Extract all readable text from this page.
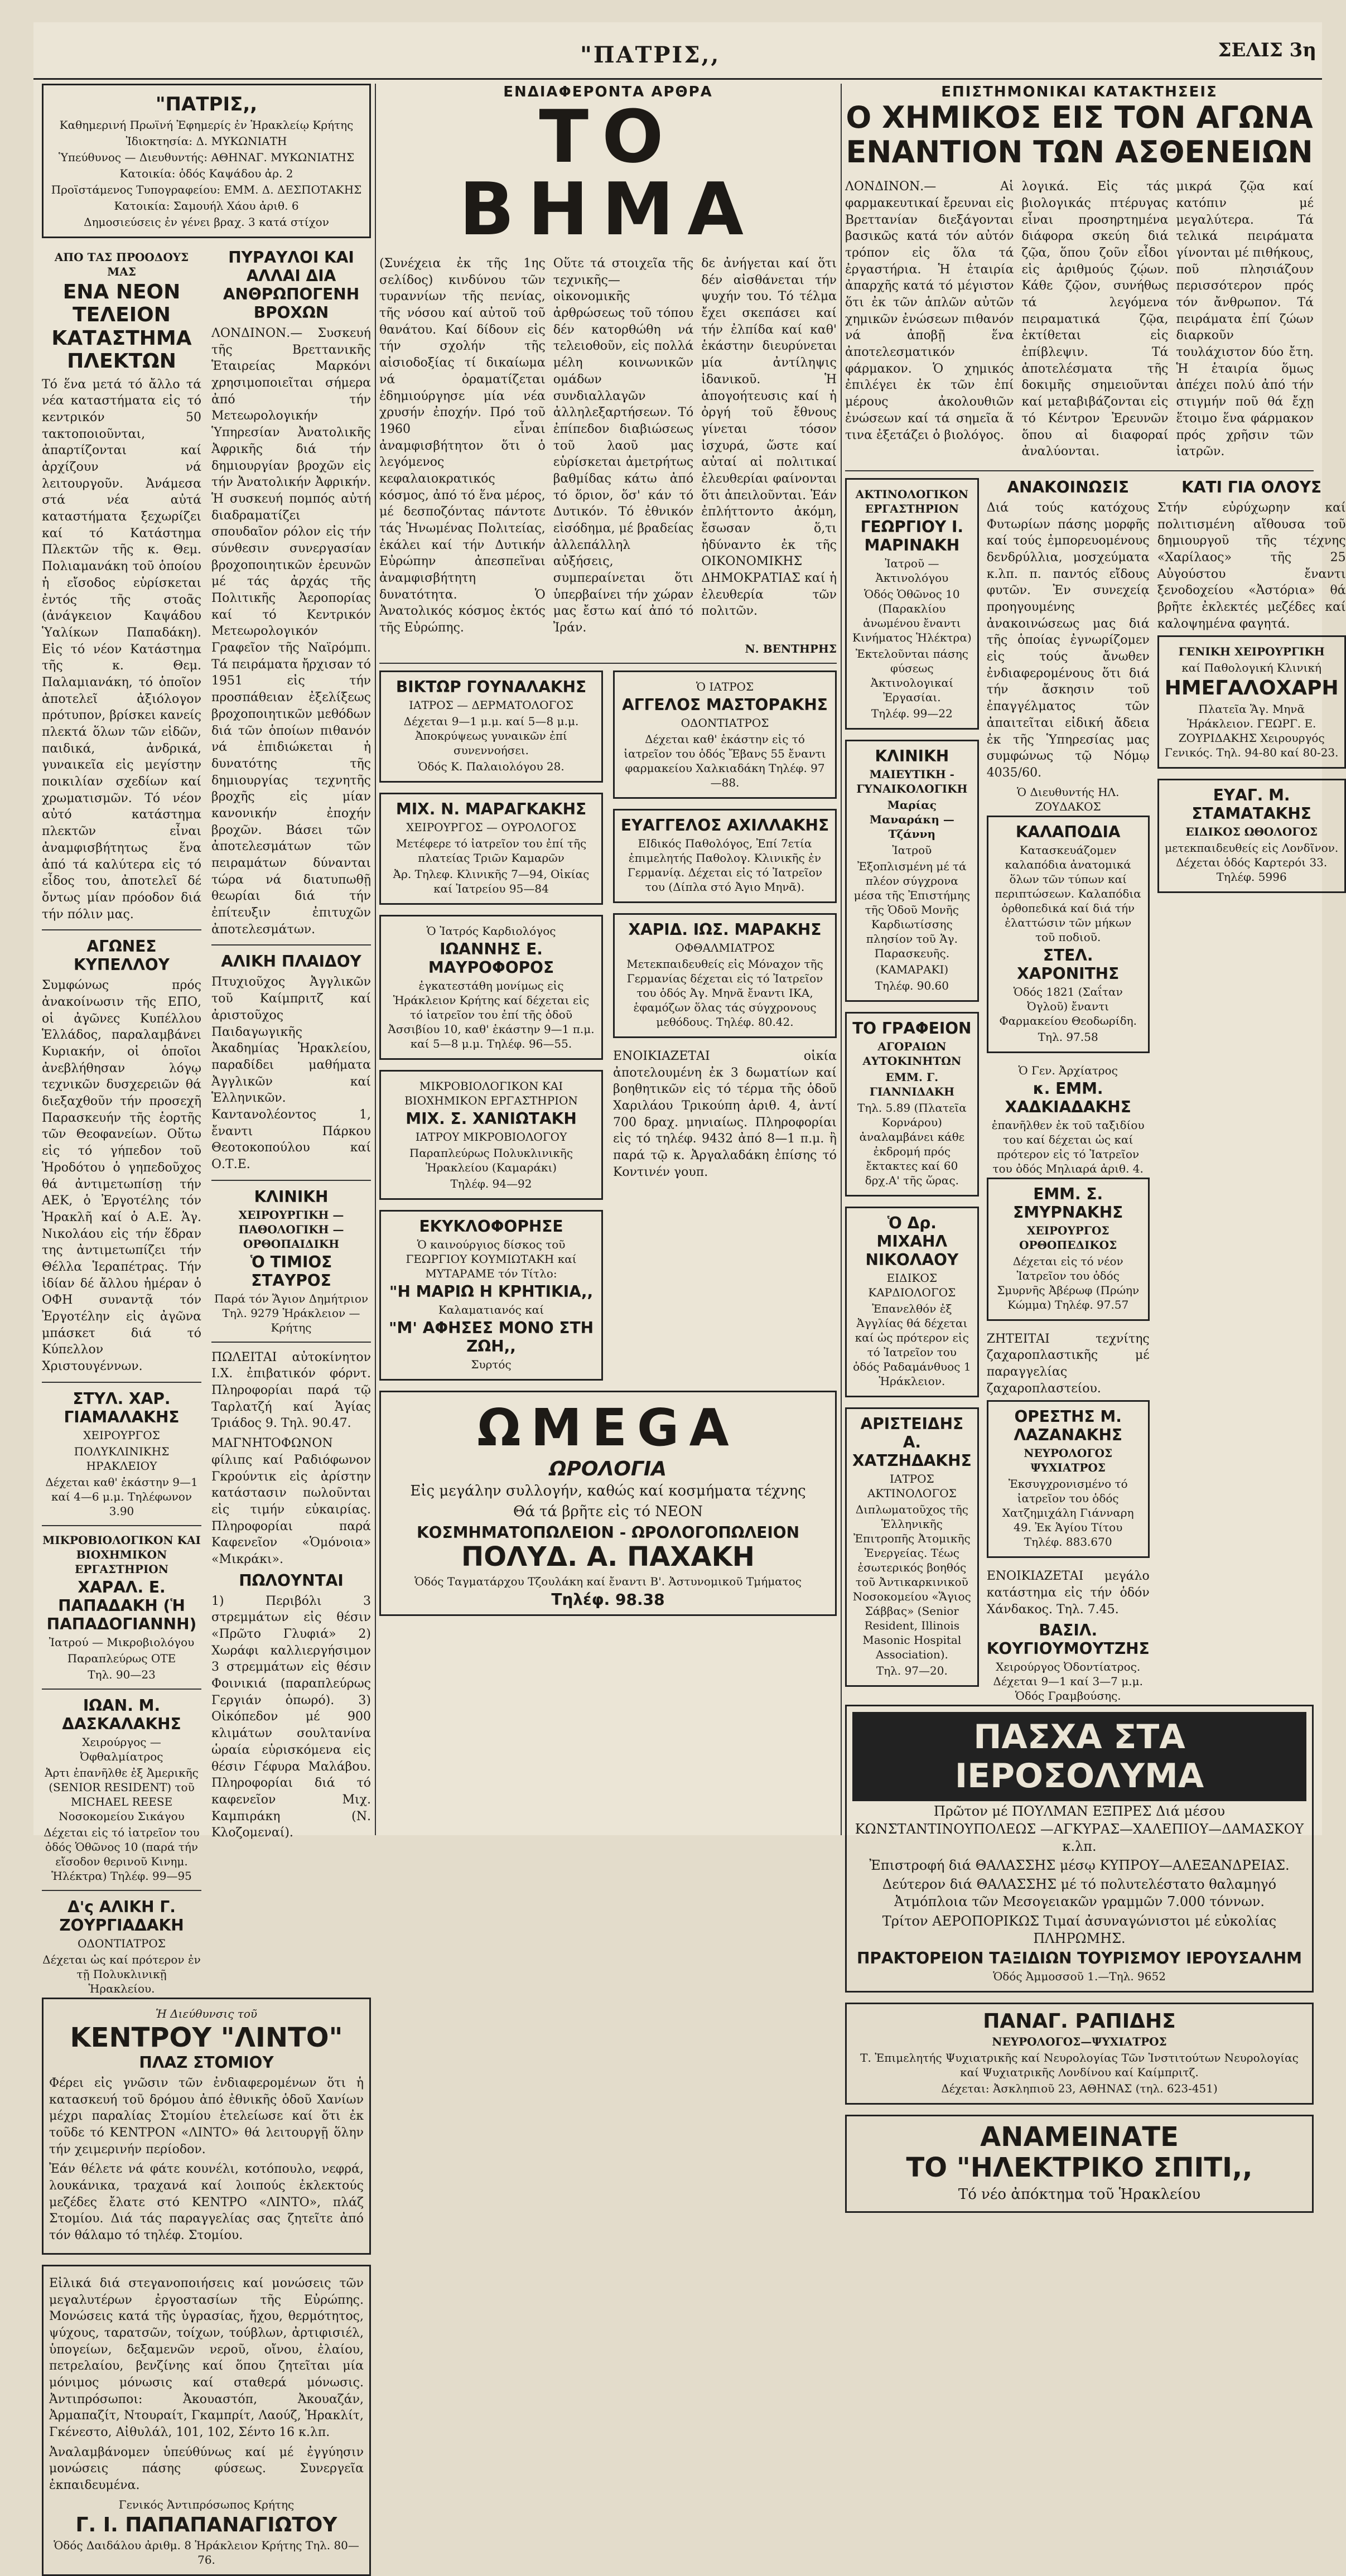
"ΠΑΤΡΙΣ,,	ΣΕΛΙΣ 3η
"ΠΑΤΡΙΣ,,
Καθημερινή Πρωϊνή Ἐφημερίς ἐν Ἡρακλείῳ Κρήτης
Ἰδιοκτησία: Δ. ΜΥΚΩΝΙΑΤΗ
Ὑπεύθυνος — Διευθυντής: ΑΘΗΝΑΓ. ΜΥΚΩΝΙΑΤΗΣ
Κατοικία: ὁδός Καψάδου ἀρ. 2
Προϊστάμενος Τυπογραφείου: ΕΜΜ. Δ. ΔΕΣΠΟΤΑΚΗΣ
Κατοικία: Σαμουήλ Χάου ἀριθ. 6
Δημοσιεύσεις ἐν γένει βραχ. 3 κατά στίχον
ΑΠΟ ΤΑΣ ΠΡΟΟΔΟΥΣ ΜΑΣ
ΕΝΑ ΝΕΟΝ ΤΕΛΕΙΟΝ ΚΑΤΑΣΤΗΜΑ ΠΛΕΚΤΩΝ

Τό ἕνα μετά τό ἄλλο τά νέα καταστήματα εἰς τό κεντρικόν 50 τακτοποιοῦνται, ἀπαρτίζονται καί ἀρχίζουν νά λειτουργοῦν. Ἀνάμεσα στά νέα αὐτά καταστήματα ξεχωρίζει καί τό Κατάστημα Πλεκτῶν τῆς κ. Θεμ. Πολιαμανάκη τοῦ ὁποίου ἡ εἴσοδος εὑρίσκεται ἐντός τῆς στοᾶς (ἀνάγκειον Καψάδου Ὑαλίκων Παπαδάκη). Εἰς τό νέον Κατάστημα τῆς κ. Θεμ. Παλαμιανάκη, τό ὁποῖον ἀποτελεῖ ἀξιόλογον πρότυπον, βρίσκει κανείς πλεκτά ὅλων τῶν εἰδῶν, παιδικά, ἀνδρικά, γυναικεῖα εἰς μεγίστην ποικιλίαν σχεδίων καί χρωματισμῶν. Τό νέον αὐτό κατάστημα πλεκτῶν εἶναι ἀναμφισβήτητως ἕνα ἀπό τά καλύτερα εἰς τό εἶδος του, ἀποτελεῖ δέ ὄντως μίαν πρόοδον διά τήν πόλιν μας.

ΑΓΩΝΕΣ ΚΥΠΕΛΛΟΥ

Συμφώνως πρός ἀνακοίνωσιν τῆς ΕΠΟ, οἱ ἀγῶνες Κυπέλλου Ἑλλάδος, παραλαμβάνει Κυριακήν, οἱ ὁποῖοι ἀνεβλήθησαν λόγῳ τεχνικῶν δυσχερειῶν θά διεξαχθοῦν τήν προσεχῆ Παρασκευήν τῆς ἑορτῆς τῶν Θεοφανείων. Οὕτω εἰς τό γήπεδον τοῦ Ἡροδότου ὁ γηπεδοῦχος θά ἀντιμετωπίσῃ τήν ΑΕΚ, ὁ Ἐργοτέλης τόν Ἡρακλῆ καί ὁ Α.Ε. Ἁγ. Νικολάου εἰς τήν ἕδραν της ἀντιμετωπίζει τήν Θέλλα Ἱεραπέτρας. Τήν ἰδίαν δέ ἄλλου ἡμέραν ὁ ΟΦΗ συναντᾷ τόν Ἐργοτέλην εἰς ἀγῶνα μπάσκετ διά τό Κύπελλον Χριστουγέννων.

ΣΤΥΛ. ΧΑΡ. ΓΙΑΜΑΛΑΚΗΣ
ΧΕΙΡΟΥΡΓΟΣ
ΠΟΛΥΚΛΙΝΙΚΗΣ ΗΡΑΚΛΕΙΟΥ
Δέχεται καθ' ἑκάστην 9—1 καί 4—6 μ.μ. Τηλέφωνον 3.90
ΜΙΚΡΟΒΙΟΛΟΓΙΚΟΝ ΚΑΙ ΒΙΟΧΗΜΙΚΟΝ ΕΡΓΑΣΤΗΡΙΟΝ
ΧΑΡΑΛ. Ε. ΠΑΠΑΔΑΚΗ (Ἡ ΠΑΠΑΔΟΓΙΑΝΝΗ)
Ἰατρού — Μικροβιολόγου
Παραπλεύρως ΟΤΕ
Τηλ. 90—23
ΙΩΑΝ. Μ. ΔΑΣΚΑΛΑΚΗΣ
Χειρούργος — Ὀφθαλμίατρος
Ἀρτι ἐπανῆλθε ἐξ Ἀμερικῆς (SENIOR RESIDENT) τοῦ MICHAEL REESE Νοσοκομείου Σικάγου
Δέχεται εἰς τό ἰατρεῖον του ὁδός Ὁθῶνος 10 (παρά τήν εἴσοδον θερινοῦ Κινημ. Ἡλέκτρα) Τηλέφ. 99—95
Δ'ς ΑΛΙΚΗ Γ. ΖΟΥΡΓΙΑΔΑΚΗ
ΟΔΟΝΤΙΑΤΡΟΣ
Δέχεται ὡς καί πρότερον ἐν τῇ Πολυκλινικῇ Ἡρακλείου.
ΠΥΡΑΥΛΟΙ ΚΑΙ ΑΛΛΑΙ ΔΙΑ ΑΝΘΡΩΠΟΓΕΝΗ ΒΡΟΧΩΝ

ΛΟΝΔΙΝΟΝ.— Συσκευή τῆς Βρεττανικῆς Ἑταιρείας Μαρκόνι χρησιμοποιεῖται σήμερα ἀπό τήν Μετεωρολογικήν Ὑπηρεσίαν Ἀνατολικῆς Ἀφρικῆς διά τήν δημιουργίαν βροχῶν εἰς τήν Ἀνατολικήν Ἀφρικήν. Ἡ συσκευή πομπός αὐτή διαδραματίζει σπουδαῖον ρόλον εἰς τήν σύνθεσιν συνεργασίαν βροχοποιητικῶν ἐρευνῶν μέ τάς ἀρχάς τῆς Πολιτικῆς Ἀεροπορίας καί τό Κεντρικόν Μετεωρολογικόν Γραφεῖον τῆς Ναϊρόμπι. Τά πειράματα ἤρχισαν τό 1951 εἰς τήν προσπάθειαν ἐξελίξεως βροχοποιητικῶν μεθόδων διά τῶν ὁποίων πιθανόν νά ἐπιδιώκεται ἡ δυνατότης τῆς δημιουργίας τεχνητῆς βροχῆς εἰς μίαν κανονικήν ἐποχήν βροχῶν. Βάσει τῶν ἀποτελεσμάτων τῶν πειραμάτων δύνανται τώρα νά διατυπωθῇ θεωρίαι διά τήν ἐπίτευξιν ἐπιτυχῶν ἀποτελεσμάτων.

ΑΛΙΚΗ ΠΛΑΙΔΟΥ

Πτυχιοῦχος Ἀγγλικῶν τοῦ Καίμπριτζ καί ἀριστοῦχος Παιδαγωγικῆς Ἀκαδημίας Ἡρακλείου, παραδίδει μαθήματα Ἀγγλικῶν καί Ἑλληνικῶν. Καντανολέοντος 1, ἔναντι Πάρκου Θεοτοκοπούλου καί Ο.Τ.Ε.

ΚΛΙΝΙΚΗ
ΧΕΙΡΟΥΡΓΙΚΗ — ΠΑΘΟΛΟΓΙΚΗ — ΟΡΘΟΠΑΙΔΙΚΗ
Ὁ ΤΙΜΙΟΣ ΣΤΑΥΡΟΣ
Παρά τόν Ἅγιον Δημήτριον Τηλ. 9279 Ἡράκλειον — Κρήτης

ΠΩΛΕΙΤΑΙ αὐτοκίνητον Ι.Χ. ἐπιβατικόν φόρντ. Πληροφορίαι παρά τῷ Ταρλατζή καί Ἁγίας Τριάδος 9. Τηλ. 90.47.

ΜΑΓΝΗΤΟΦΩΝΟΝ φίλιπς καί Ραδιόφωνον Γκρούντικ εἰς ἀρίστην κατάστασιν πωλοῦνται εἰς τιμήν εὐκαιρίας. Πληροφορίαι παρά Καφενεῖον «Ὁμόνοια» «Μικράκι».

ΠΩΛΟΥΝΤΑΙ

1) Περιβόλι 3 στρεμμάτων εἰς θέσιν «Πρῶτο Γλυφιά» 2) Χωράφι καλλιεργήσιμον 3 στρεμμάτων εἰς θέσιν Φοινικιά (παραπλεύρως Γεργιάν ὁπωρό). 3) Οἰκόπεδον μέ 900 κλιμάτων σουλτανίνα ὡραία εὑρισκόμενα εἰς θέσιν Γέφυρα Μαλάβου. Πληροφορίαι διά τό καφενεῖον Μιχ. Καμπιράκη (Ν. Κλοζομεναί).

Ἡ Διεύθυνσις τοῦ
ΚΕΝΤΡΟΥ "ΛΙΝΤΟ"
ΠΛΑΖ ΣΤΟΜΙΟΥ

Φέρει εἰς γνῶσιν τῶν ἐνδιαφερομένων ὅτι ἡ κατασκευή τοῦ δρόμου ἀπό ἐθνικῆς ὁδοῦ Χανίων μέχρι παραλίας Στομίου ἐτελείωσε καί ὅτι ἐκ τοῦδε τό ΚΕΝΤΡΟΝ «ΛΙΝΤΟ» θά λειτουργῇ ὅλην τήν χειμερινήν περίοδον.

Ἐάν θέλετε νά φάτε κουνέλι, κοτόπουλο, νεφρά, λουκάνικα, τραχανά καί λοιπούς ἐκλεκτούς μεζέδες ἔλατε στό ΚΕΝΤΡΟ «ΛΙΝΤΟ», πλάζ Στομίου. Διά τάς παραγγελίας σας ζητεῖτε ἀπό τόν θάλαμο τό τηλέφ. Στομίου.

Εἰλικά διά στεγανοποιήσεις καί μονώσεις τῶν μεγαλυτέρων ἐργοστασίων τῆς Εὐρώπης. Μονώσεις κατά τῆς ὑγρασίας, ἤχου, θερμότητος, ψύχους, ταρατσῶν, τοίχων, τούβλων, ἀρτιφισιέλ, ὑπογείων, δεξαμενῶν νεροῦ, οἴνου, ἐλαίου, πετρελαίου, βενζίνης καί ὅπου ζητεῖται μία μόνιμος μόνωσις καί σταθερά μόνωσις. Ἀντιπρόσωποι: Ἀκουαστόπ, Ἀκουαζάν, Ἀρμαπαζίτ, Ντουραίτ, Γκαμπρίτ, Λαούζ, Ἡρακλίτ, Γκένεστο, Αἰθυλάλ, 101, 102, Σέντο 16 κ.λπ.

Ἀναλαμβάνομεν ὑπεύθύνως καί μέ ἐγγύησιν μονώσεις πάσης φύσεως. Συνεργεῖα ἐκπαιδευμένα.

Γενικός Ἀντιπρόσωπος Κρήτης
Γ. Ι. ΠΑΠΑΠΑΝΑΓΙΩΤΟΥ
Ὁδός Δαιδάλου ἀριθμ. 8 Ἡράκλειον Κρήτης Τηλ. 80—76.
ΕΝΔΙΑΦΕΡΟΝΤΑ ΑΡΘΡΑ
ΤΟ ΒΗΜΑ

(Συνέχεια ἐκ τῆς 1ης σελίδος) κινδύνου τῶν τυραννίων τῆς πενίας, τῆς νόσου καί αὐτοῦ τοῦ θανάτου. Καί δίδουν εἰς τήν σχολήν τῆς αἰσιοδοξίας τί δικαίωμα νά ὀραματίζεται ἐδημιούργησε μία νέα χρυσήν ἐποχήν. Πρό τοῦ 1960 εἶναι ἀναμφισβήτητον ὅτι ὁ λεγόμενος κεφαλαιοκρατικός κόσμος, ἀπό τό ἕνα μέρος, μέ δεσποζόντας πάντοτε τάς Ἡνωμένας Πολιτείας, ἐκάλει καί τήν Δυτικήν Εὐρώπην ἀπεσπεῖναι ἀναμφισβήτητη δυνατότητα. Ὁ Ἀνατολικός κόσμος ἐκτός τῆς Εὐρώπης.

Οὕτε τά στοιχεῖα τῆς τεχνικῆς—οἰκονομικῆς ἀρθρώσεως τοῦ τόπου δέν κατορθώθη νά τελειοθοῦν, εἰς πολλά μέλη κοινωνικῶν ομάδων συνδιαλλαγῶν ἀλληλεξαρτήσεων. Τό ἐπίπεδον διαβιώσεως τοῦ λαοῦ μας εὑρίσκεται ἀμετρήτως βαθμίδας κάτω ἀπό τό ὅριον, ὅσ' κάν τό Δυτικόν. Τό ἐθνικόν εἰσόδημα, μέ βραδείας ἀλλεπάλληλ αὐξήσεις, συμπεραίνεται ὅτι ὑπερβαίνει τήν χώραν μας ἔστω καί ἀπό τό Ἰράν.

δε ἀνήγεται καί ὅτι δέν αἰσθάνεται τήν ψυχήν του. Τό τέλμα ἔχει σκεπάσει καί τήν ἐλπίδα καί καθ' ἑκάστην διευρύνεται μία ἀντίληψις ἰδανικοῦ. Ἡ ἀπογοήτευσις καί ἡ ὀργή τοῦ ἔθνους γίνεται τόσον ἰσχυρά, ὥστε καί αὐταί αἱ πολιτικαί ἐλευθερίαι φαίνονται ὅτι ἀπειλοῦνται. Ἐάν ἐπλήττοντο ἀκόμη, ἔσωσαν ὅ,τι ἠδύναντο ἐκ τῆς ΟΙΚΟΝΟΜΙΚΗΣ ΔΗΜΟΚΡΑΤΙΑΣ καί ἡ ἐλευθερία τῶν πολιτῶν.

Ν. ΒΕΝΤΗΡΗΣ
ΒΙΚΤΩΡ ΓΟΥΝΑΛΑΚΗΣ
ΙΑΤΡΟΣ — ΔΕΡΜΑΤΟΛΟΓΟΣ
Δέχεται 9—1 μ.μ. καί 5—8 μ.μ. Ἀποκρύψεως γυναικῶν ἐπί συνεννοήσει.
Ὁδός Κ. Παλαιολόγου 28.
ΜΙΧ. Ν. ΜΑΡΑΓΚΑΚΗΣ
ΧΕΙΡΟΥΡΓΟΣ — ΟΥΡΟΛΟΓΟΣ
Μετέφερε τό ἰατρεῖον του ἐπί τῆς πλατείας Τριῶν Καμαρῶν
Ἀρ. Τηλεφ. Κλινικῆς 7—94, Οἰκίας καί Ἰατρείου 95—84
Ὁ Ἰατρός Καρδιολόγος
ΙΩΑΝΝΗΣ Ε. ΜΑΥΡΟΦΟΡΟΣ
ἐγκατεστάθη μονίμως εἰς Ἡράκλειον Κρήτης καί δέχεται εἰς τό ἰατρεῖον του ἐπί τῆς ὁδοῦ Ἀσσιβίου 10, καθ' ἑκάστην 9—1 π.μ. καί 5—8 μ.μ. Τηλέφ. 96—55.
ΜΙΚΡΟΒΙΟΛΟΓΙΚΟΝ ΚΑΙ ΒΙΟΧΗΜΙΚΟΝ ΕΡΓΑΣΤΗΡΙΟΝ
ΜΙΧ. Σ. ΧΑΝΙΩΤΑΚΗ
ΙΑΤΡΟΥ ΜΙΚΡΟΒΙΟΛΟΓΟΥ
Παραπλεύρως Πολυκλινικῆς Ἡρακλείου (Καμαράκι)
Τηλέφ. 94—92
ΕΚΥΚΛΟΦΟΡΗΣΕ
Ὁ καινούργιος δίσκος τοῦ ΓΕΩΡΓΙΟΥ ΚΟΥΜΙΩΤΑΚΗ καί ΜΥΤΑΡΑΜΕ τόν Τίτλο:
"Η ΜΑΡΙΩ Η ΚΡΗΤΙΚΙΑ,,
Καλαματιανός καί
"Μ' ΑΦΗΣΕΣ ΜΟΝΟ ΣΤΗ ΖΩΗ,,
Συρτός
Ὁ ΙΑΤΡΟΣ
ΑΓΓΕΛΟΣ ΜΑΣΤΟΡΑΚΗΣ
ΟΔΟΝΤΙΑΤΡΟΣ
Δέχεται καθ' ἑκάστην εἰς τό ἰατρεῖον του ὁδός Ἔβανς 55 ἔναντι φαρμακείου Χαλκιαδάκη Τηλέφ. 97—88.
ΕΥΑΓΓΕΛΟΣ ΑΧΙΛΛΑΚΗΣ
ΕΙδικός Παθολόγος, Ἐπί 7ετία ἐπιμελητής Παθολογ. Κλινικῆς ἐν Γερμανίᾳ. Δέχεται εἰς τό Ἰατρεῖον του (Δίπλα στό Ἀγιο Μηνᾶ).
ΧΑΡΙΔ. ΙΩΣ. ΜΑΡΑΚΗΣ
ΟΦΘΑΛΜΙΑΤΡΟΣ
Μετεκπαιδευθείς εἰς Μόναχον τῆς Γερμανίας δέχεται εἰς τό Ἰατρεῖον του ὁδός Ἀγ. Μηνᾶ ἔναντι ΙΚΑ, ἑφαμόζων ὅλας τάς σύγχρονους μεθόδους. Τηλέφ. 80.42.

ΕΝΟΙΚΙΑΖΕΤΑΙ οἰκία ἀποτελουμένη ἐκ 3 δωματίων καί βοηθητικῶν εἰς τό τέρμα τῆς ὁδοῦ Χαριλάου Τρικούπη ἀριθ. 4, ἀντί 700 δραχ. μηνιαίως. Πληροφορίαι εἰς τό τηλέφ. 9432 ἀπό 8—1 π.μ. ἢ παρά τῷ κ. Ἀργαλαδάκη ἐπίσης τό Κοντινέν γουπ.

ΩMEGA
ΩΡΟΛΟΓΙΑ
Εἰς μεγάλην συλλογήν, καθώς καί κοσμήματα τέχνης
Θά τά βρῆτε εἰς τό ΝΕΟΝ
ΚΟΣΜΗΜΑΤΟΠΩΛΕΙΟΝ - ΩΡΟΛΟΓΟΠΩΛΕΙΟΝ
ΠΟΛΥΔ. Α. ΠΑΧΑΚΗ
Ὁδός Ταγματάρχου Τζουλάκη καί ἔναντι Β'. Ἀστυνομικοῦ Τμήματος
Τηλέφ. 98.38
ΕΠΙΣΤΗΜΟΝΙΚΑΙ ΚΑΤΑΚΤΗΣΕΙΣ
Ο ΧΗΜΙΚΟΣ ΕΙΣ ΤΟΝ ΑΓΩΝΑ ΕΝΑΝΤΙΟΝ ΤΩΝ ΑΣΘΕΝΕΙΩΝ

ΛΟΝΔΙΝΟΝ.— Αἱ φαρμακευτικαί ἔρευναι εἰς Βρεττανίαν διεξάγονται βασικῶς κατά τόν αὐτόν τρόπον εἰς ὅλα τά ἐργαστήρια. Ἡ ἑταιρία ἀπαρχῆς κατά τό μέγιστον ὅτι ἐκ τῶν ἁπλῶν αὐτῶν χημικῶν ἐνώσεων πιθανόν νά ἀποβῇ ἕνα ἀποτελεσματικόν φάρμακον. Ὁ χημικός ἐπιλέγει ἐκ τῶν ἐπί μέρους ἀκολουθιῶν ἐνώσεων καί τά σημεῖα ἅ τινα ἐξετάζει ὁ βιολόγος.

λογικά. Εἰς τάς βιολογικάς πτέρυγας εἶναι προσηρτημένα διάφορα σκεύη διά ζῷα, ὅπου ζοῦν εἶδοι εἰς ἀριθμούς ζῴων. Κάθε ζῷον, συνήθως τά λεγόμενα πειραματικά ζῷα, ἐκτίθεται εἰς ἐπίβλεψιν. Τά ἀποτελέσματα τῆς δοκιμῆς σημειοῦνται καί μεταβιβάζονται εἰς τό Κέντρον Ἐρευνῶν ὅπου αἱ διαφοραί ἀναλύονται.

μικρά ζῷα καί κατόπιν μέ μεγαλύτερα. Τά τελικά πειράματα γίνονται μέ πιθήκους, ποῦ πλησιάζουν περισσότερον πρός τόν ἄνθρωπον. Τά πειράματα ἐπί ζώων διαρκοῦν τουλάχιστον δύο ἔτη. Ἡ ἑταιρία ὅμως ἀπέχει πολύ ἀπό τήν στιγμήν ποῦ θά ἔχῃ ἕτοιμο ἕνα φάρμακον πρός χρῆσιν τῶν ἰατρῶν.

ΑΚΤΙΝΟΛΟΓΙΚΟΝ ΕΡΓΑΣΤΗΡΙΟΝ
ΓΕΩΡΓΙΟΥ Ι. ΜΑΡΙΝΑΚΗ
Ἰατροῦ — Ἀκτινολόγου
Ὁδός Ὁθῶνος 10 (Παρακλίου ἀνωμένου ἔναντι Κινήματος Ἡλέκτρα)
Ἐκτελοῦνται πάσης φύσεως Ἀκτινολογικαί Ἐργασίαι.
Τηλέφ. 99—22
ΚΛΙΝΙΚΗ
ΜΑΙΕΥΤΙΚΗ - ΓΥΝΑΙΚΟΛΟΓΙΚΗ
Μαρίας Μαναράκη — Τζάννη
Ἰατροῦ
Ἐξοπλισμένη μέ τά πλέον σύγχρονα μέσα τῆς Ἐπιστήμης τῆς Ὁδοῦ Μονῆς Καρδιωτίσσης πλησίον τοῦ Ἁγ. Παρασκευῆς.
(ΚΑΜΑΡΑΚΙ)
Τηλέφ. 90.60
ΤΟ ΓΡΑΦΕΙΟΝ
ΑΓΟΡΑΙΩΝ ΑΥΤΟΚΙΝΗΤΩΝ
ΕΜΜ. Γ. ΓΙΑΝΝΙΔΑΚΗ
Τηλ. 5.89 (Πλατεῖα Κορνάρου) ἀναλαμβάνει κάθε ἐκδρομή πρός ἔκτακτες καί 60 δρχ.Α' τῆς ὥρας.
Ὁ Δρ. ΜΙΧΑΗΛ ΝΙΚΟΛΑΟΥ
ΕΙΔΙΚΟΣ ΚΑΡΔΙΟΛΟΓΟΣ
Ἐπανελθόν ἐξ Ἀγγλίας θά δέχεται καί ὡς πρότερον εἰς τό Ἰατρεῖον του ὁδός Ραδαμάνθυος 1 Ἡράκλειον.
ΑΡΙΣΤΕΙΔΗΣ Α. ΧΑΤΖΗΔΑΚΗΣ
ΙΑΤΡΟΣ ΑΚΤΙΝΟΛΟΓΟΣ
Διπλωματοῦχος τῆς Ἑλληνικῆς Ἐπιτροπῆς Ἀτομικῆς Ἐνεργείας. Τέως ἐσωτερικός βοηθός τοῦ Ἀντικαρκινικοῦ Νοσοκομείου «Ἅγιος Σάββας» (Senior Resident, Illinois Masonic Hospital Association).
Τηλ. 97—20.
ΑΝΑΚΟΙΝΩΣΙΣ

Διά τούς κατόχους Φυτωρίων πάσης μορφῆς καί τούς ἐμπορευομένους δενδρύλλια, μοσχεύματα κ.λπ. π. παντός εἴδους φυτῶν. Ἐν συνεχείᾳ προηγουμένης ἀνακοινώσεως μας διά τῆς ὁποίας ἐγνωρίζομεν εἰς τούς ἄνωθεν ἐνδιαφερομένους ὅτι διά τήν ἄσκησιν τοῦ ἐπαγγέλματος τῶν ἀπαιτεῖται εἰδική ἄδεια ἐκ τῆς Ὑπηρεσίας μας συμφώνως τῷ Νόμῳ 4035/60.

Ὁ Διευθυντής ΗΛ. ΖΟΥΔΑΚΟΣ
ΚΑΛΑΠΟΔΙΑ
Κατασκευάζομεν καλαπόδια ἀνατομικά ὅλων τῶν τύπων καί περιπτώσεων. Καλαπόδια ὀρθοπεδικά καί διά τήν ἐλαττώσιν τῶν μήκων τοῦ ποδιοῦ.
ΣΤΕΛ. ΧΑΡΟΝΙΤΗΣ
Ὁδός 1821 (Σαΐταν Ὀγλοῦ) ἔναντι Φαρμακείου Θεοδωρίδη.
Τηλ. 97.58
Ὁ Γεν. Ἀρχίατρος
κ. ΕΜΜ. ΧΑΔΚΙΑΔΑΚΗΣ
ἐπανῆλθεν ἐκ τοῦ ταξιδίου του καί δέχεται ὡς καί πρότερον εἰς τό Ἰατρεῖον του ὁδός Μηλιαρά ἀριθ. 4.
ΕΜΜ. Σ. ΣΜΥΡΝΑΚΗΣ
ΧΕΙΡΟΥΡΓΟΣ ΟΡΘΟΠΕΔΙΚΟΣ
Δέχεται εἰς τό νέον Ἰατρεῖον του ὁδός Σμυρνῆς Ἀβέρωφ (Πρώην Κώμμα) Τηλέφ. 97.57

ΖΗΤΕΙΤΑΙ τεχνίτης ζαχαροπλαστικῆς μέ παραγγελίας ζαχαροπλαστείου.

ΟΡΕΣΤΗΣ Μ. ΛΑΖΑΝΑΚΗΣ
ΝΕΥΡΟΛΟΓΟΣ ΨΥΧΙΑΤΡΟΣ
Ἐκσυγχρονισμένο τό ἰατρεῖον του ὁδός Χατζημιχάλη Γιάνναρη 49. Ἐκ Ἁγίου Τίτου Τηλέφ. 883.670

ΕΝΟΙΚΙΑΖΕΤΑΙ μεγάλο κατάστημα εἰς τήν ὁδόν Χάνδακος. Τηλ. 7.45.

ΒΑΣΙΛ. ΚΟΥΓΙΟΥΜΟΥΤΖΗΣ
Χειρούργος Ὀδοντίατρος. Δέχεται 9—1 καί 3—7 μ.μ. Ὁδός Γραμβούσης.
ΚΑΤΙ ΓΙΑ ΟΛΟΥΣ

Στήν εὐρύχωρην καί πολιτισμένη αἴθουσα τοῦ δημιουργοῦ τῆς τέχνης «Χαρίλαος» τῆς 25 Αὐγούστου ἔναντι ξενοδοχείου «Ἀστόρια» θά βρῆτε ἐκλεκτές μεζέδες καί καλοψημένα φαγητά.

ΓΕΝΙΚΗ ΧΕΙΡΟΥΡΓΙΚΗ
καί Παθολογική Κλινική
ΗΜΕΓΑΛΟΧΑΡΗ
Πλατεῖα Ἅγ. Μηνᾶ Ἡράκλειον. ΓΕΩΡΓ. Ε. ΖΟΥΡΙΔΑΚΗΣ Χειρουργός Γενικός. Τηλ. 94-80 καί 80-23.
ΕΥΑΓ. Μ. ΣΤΑΜΑΤΑΚΗΣ
ΕΙΔΙΚΟΣ ΩΘΟΛΟΓΟΣ
μετεκπαιδευθείς εἰς Λονδῖνον. Δέχεται ὁδός Καρτερόι 33. Τηλέφ. 5996
ΠΑΣΧΑ ΣΤΑ ΙΕΡΟΣΟΛΥΜΑ
Πρῶτον μέ ΠΟΥΛΜΑΝ ΕΞΠΡΕΣ Διά μέσου ΚΩΝΣΤΑΝΤΙΝΟΥΠΟΛΕΩΣ —ΑΓΚΥΡΑΣ—ΧΑΛΕΠΙΟΥ—ΔΑΜΑΣΚΟΥ κ.λπ.
Ἐπιστροφή διά ΘΑΛΑΣΣΗΣ μέσῳ ΚΥΠΡΟΥ—ΑΛΕΞΑΝΔΡΕΙΑΣ.
Δεύτερον διά ΘΑΛΑΣΣΗΣ μέ τό πολυτελέστατο θαλαμηγό Ἀτμόπλοια τῶν Μεσογειακῶν γραμμῶν 7.000 τόννων.
Τρίτον ΑΕΡΟΠΟΡΙΚΩΣ Τιμαί ἀσυναγώνιστοι μέ εὐκολίας ΠΛΗΡΩΜΗΣ.
ΠΡΑΚΤΟΡΕΙΟΝ ΤΑΞΙΔΙΩΝ ΤΟΥΡΙΣΜΟΥ ΙΕΡΟΥΣΑΛΗΜ
Ὁδός Ἀμμοσσοῦ 1.—Τηλ. 9652
ΠΑΝΑΓ. ΡΑΠΙΔΗΣ
ΝΕΥΡΟΛΟΓΟΣ—ΨΥΧΙΑΤΡΟΣ
Τ. Ἐπιμελητής Ψυχιατρικῆς καί Νευρολογίας Τῶν Ἰνστιτούτων Νευρολογίας καί Ψυχιατρικῆς Λονδίνου καί Καίμπριτζ.
Δέχεται: Ἀσκληπιοῦ 23, ΑΘΗΝΑΣ (τηλ. 623-451)
ΑΝΑΜΕΙΝΑΤΕ
ΤΟ "ΗΛΕΚΤΡΙΚΟ ΣΠΙΤΙ,,
Τό νέο ἀπόκτημα τοῦ Ἡρακλείου
